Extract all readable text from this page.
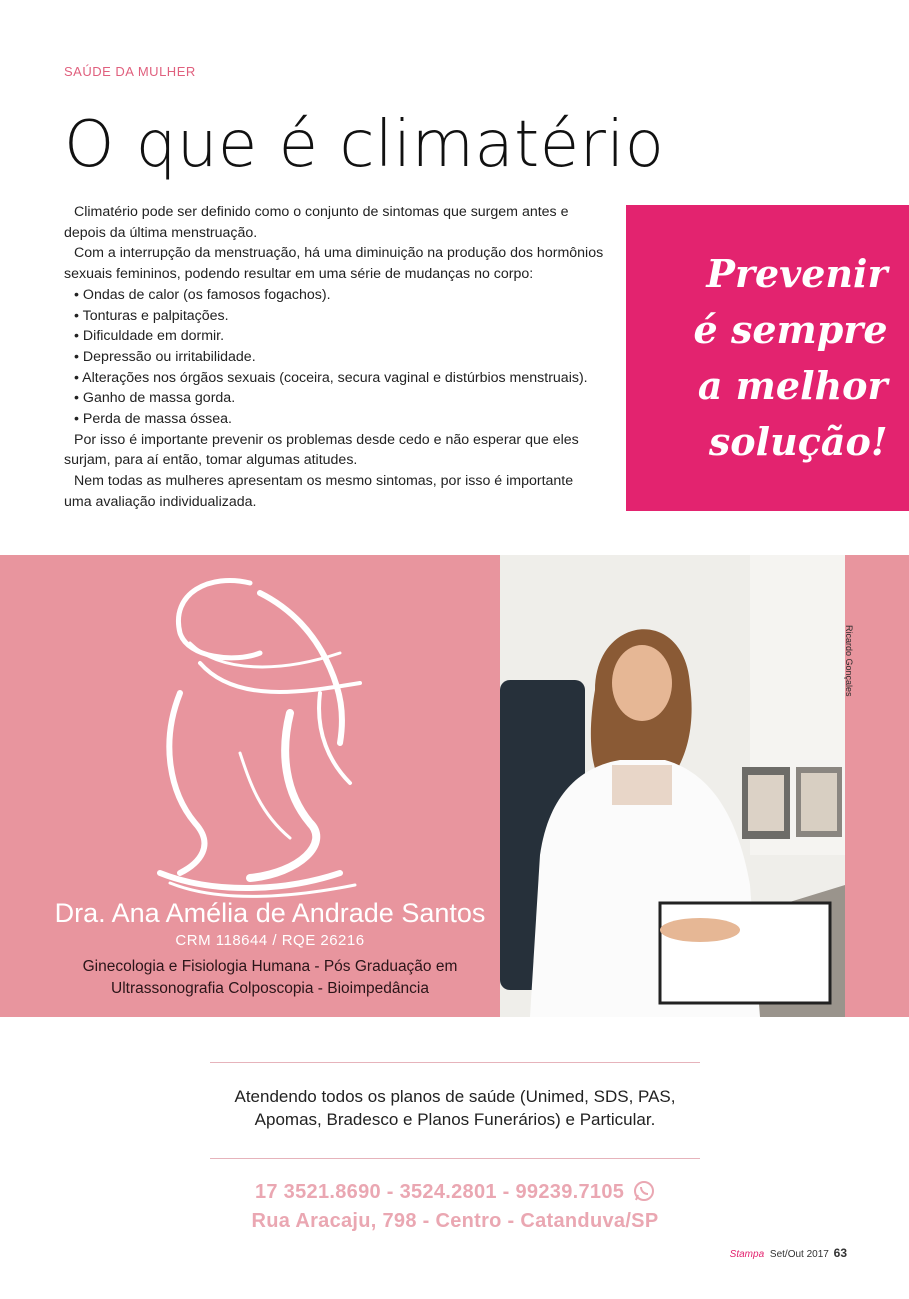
SAÚDE DA MULHER
O que é climatério

Climatério pode ser definido como o conjunto de sintomas que surgem antes e depois da última menstruação.

Com a interrupção da menstruação, há uma diminuição na produção dos hormônios sexuais femininos, podendo resultar em uma série de mudanças no corpo:

• Ondas de calor (os famosos fogachos).
• Tonturas e palpitações.
• Dificuldade em dormir.
• Depressão ou irritabilidade.
• Alterações nos órgãos sexuais (coceira, secura vaginal e distúrbios menstruais).
• Ganho de massa gorda.
• Perda de massa óssea.

Por isso é importante prevenir os problemas desde cedo e não esperar que eles surjam, para aí então, tomar algumas atitudes.

Nem todas as mulheres apresentam os mesmo sintomas, por isso é importante uma avaliação individualizada.

Prevenir
é sempre
a melhor
solução!
Dra. Ana Amélia de Andrade Santos
CRM 118644 / RQE 26216
Ginecologia e Fisiologia Humana - Pós Graduação em
Ultrassonografia Colposcopia - Bioimpedância
Ricardo Gonçales
Atendendo todos os planos de saúde (Unimed, SDS, PAS,
Apomas, Bradesco e Planos Funerários) e Particular.
17 3521.8690 - 3524.2801 - 99239.7105
Rua Aracaju, 798 - Centro - Catanduva/SP
Stampa Set/Out 2017 63
